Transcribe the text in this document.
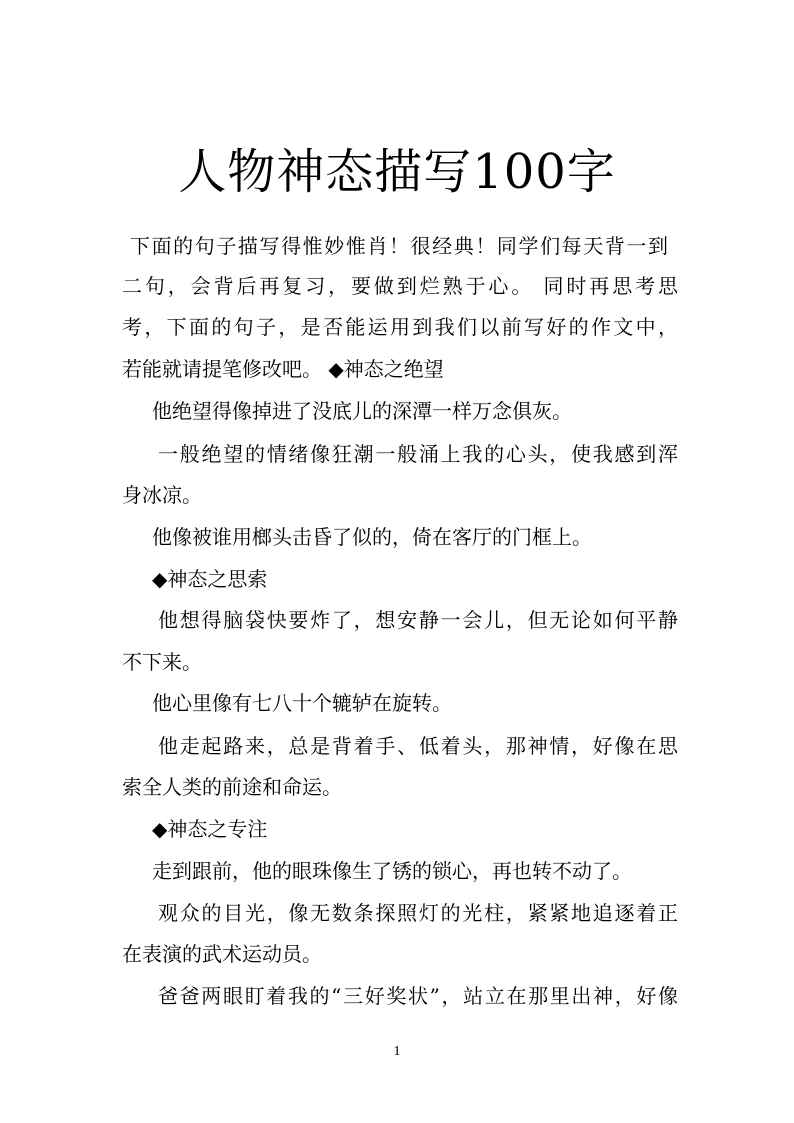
人物神态描写100字
下面的句子描写得惟妙惟肖！很经典！同学们每天背一到
二句，会背后再复习，要做到烂熟于心。 同时再思考思
考，下面的句子，是否能运用到我们以前写好的作文中，
若能就请提笔修改吧。 ◆神态之绝望
他绝望得像掉进了没底儿的深潭一样万念俱灰。
一般绝望的情绪像狂潮一般涌上我的心头，使我感到浑
身冰凉。
他像被谁用榔头击昏了似的，倚在客厅的门框上。
◆神态之思索
他想得脑袋快要炸了，想安静一会儿，但无论如何平静
不下来。
他心里像有七八十个辘轳在旋转。
他走起路来，总是背着手、低着头，那神情，好像在思
索全人类的前途和命运。
◆神态之专注
走到跟前，他的眼珠像生了锈的锁心，再也转不动了。
观众的目光，像无数条探照灯的光柱，紧紧地追逐着正
在表演的武术运动员。
爸爸两眼盯着我的“三好奖状”，站立在那里出神，好像
1
